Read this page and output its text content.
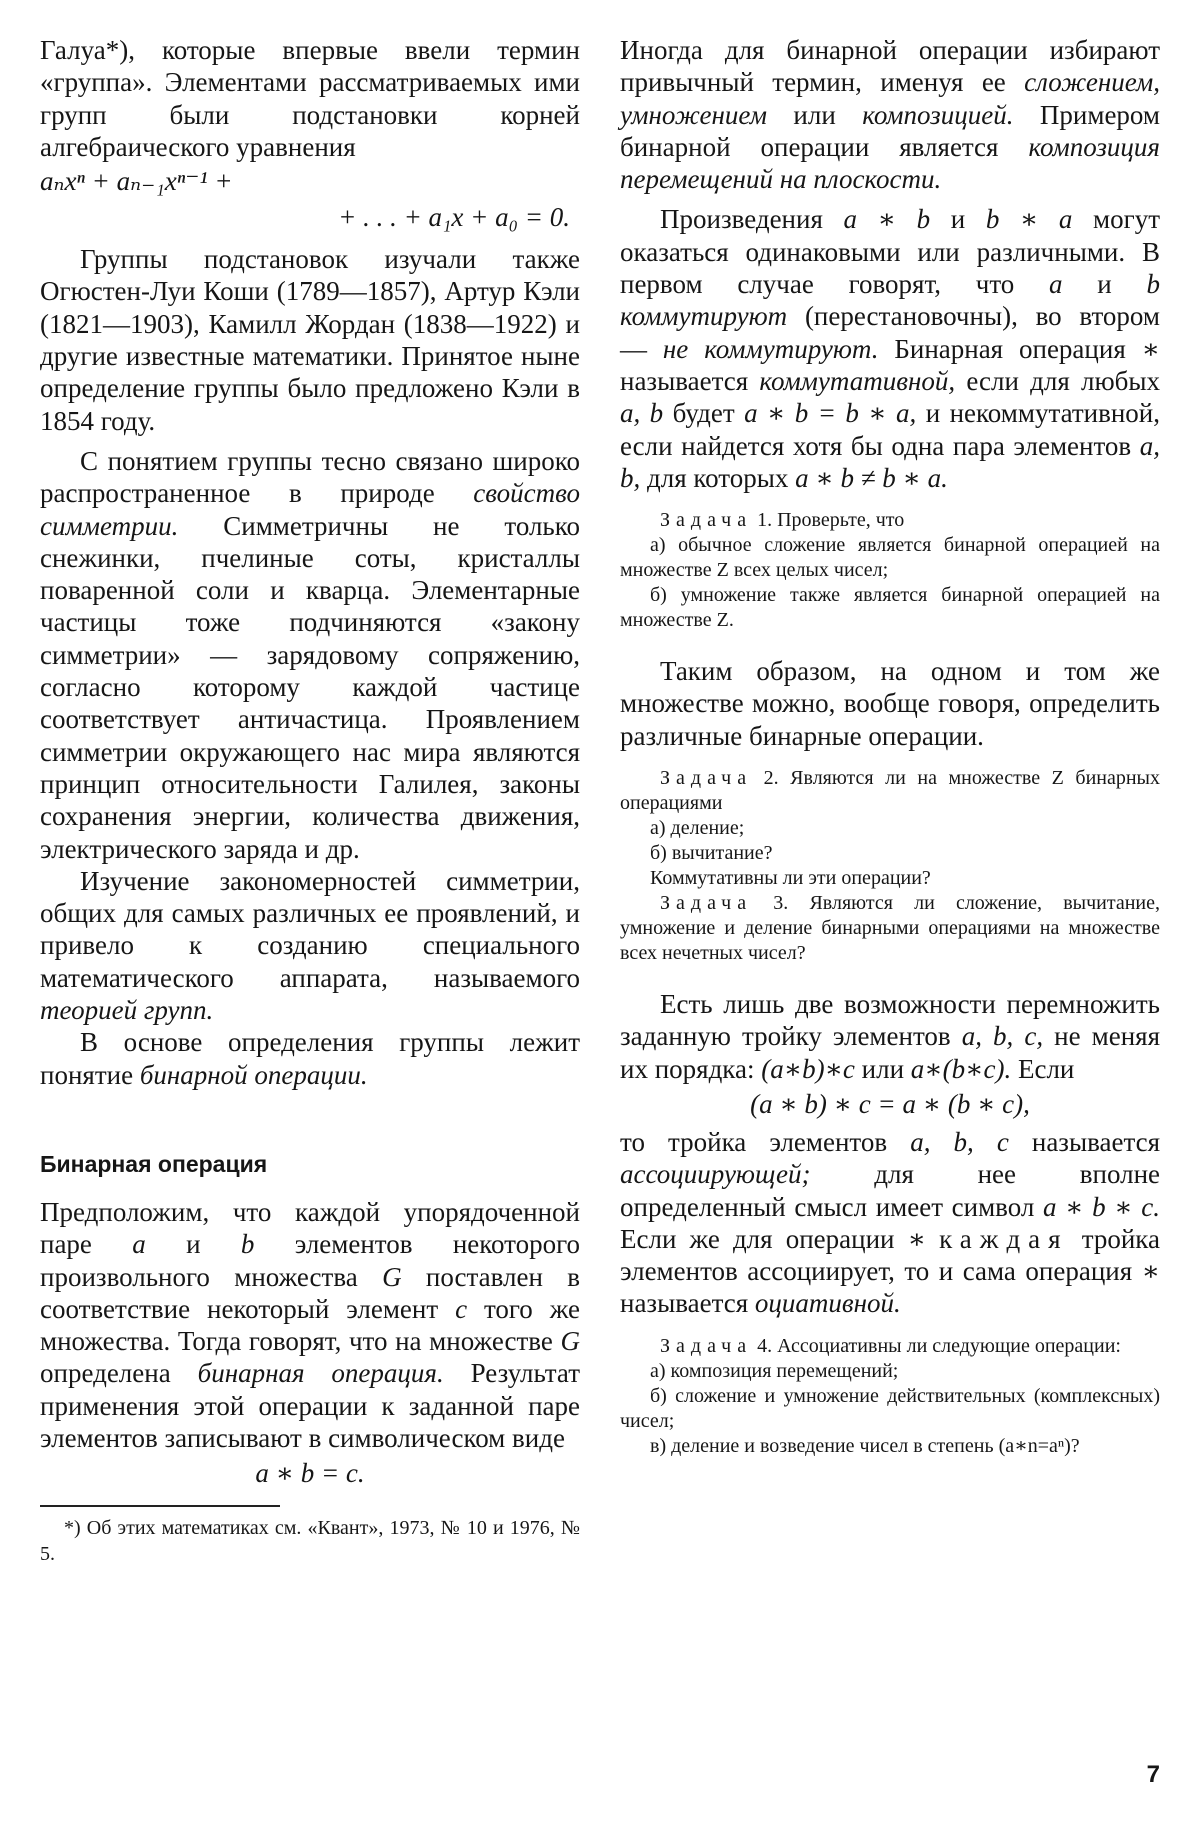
Галуа*), которые впервые ввели термин «группа». Элементами рассматриваемых ими групп были подстановки корней алгебраического уравнения

aₙxⁿ + aₙ₋₁xⁿ⁻¹ +
+ . . . + a₁x + a₀ = 0.

Группы подстановок изучали также Огюстен-Луи Коши (1789—1857), Артур Кэли (1821—1903), Камилл Жордан (1838—1922) и другие известные математики. Принятое ныне определение группы было предложено Кэли в 1854 году.

С понятием группы тесно связано широко распространенное в природе свойство симметрии. Симметричны не только снежинки, пчелиные соты, кристаллы поваренной соли и кварца. Элементарные частицы тоже подчиняются «закону симметрии» — зарядовому сопряжению, согласно которому каждой частице соответствует античастица. Проявлением симметрии окружающего нас мира являются принцип относительности Галилея, законы сохранения энергии, количества движения, электрического заряда и др.

Изучение закономерностей симметрии, общих для самых различных ее проявлений, и привело к созданию специального математического аппарата, называемого теорией групп.

В основе определения группы лежит понятие бинарной операции.

Бинарная операция

Предположим, что каждой упорядоченной паре a и b элементов некоторого произвольного множества G поставлен в соответствие некоторый элемент c того же множества. Тогда говорят, что на множестве G определена бинарная операция. Результат применения этой операции к заданной паре элементов записывают в символическом виде

a ∗ b = c.

*) Об этих математиках см. «Квант», 1973, № 10 и 1976, № 5.

Иногда для бинарной операции избирают привычный термин, именуя ее сложением, умножением или композицией. Примером бинарной операции является композиция перемещений на плоскости.

Произведения a ∗ b и b ∗ a могут оказаться одинаковыми или различными. В первом случае говорят, что a и b коммутируют (перестановочны), во втором — не коммутируют. Бинарная операция ∗ называется коммутативной, если для любых a, b будет a ∗ b = b ∗ a, и некоммутативной, если найдется хотя бы одна пара элементов a, b, для которых a ∗ b ≠ b ∗ a.

Задача 1. Проверьте, что

а) обычное сложение является бинарной операцией на множестве Z всех целых чисел;

б) умножение также является бинарной операцией на множестве Z.

Таким образом, на одном и том же множестве можно, вообще говоря, определить различные бинарные операции.

Задача 2. Являются ли на множестве Z бинарных операциями

а) деление;

б) вычитание?

Коммутативны ли эти операции?

Задача 3. Являются ли сложение, вычитание, умножение и деление бинарными операциями на множестве всех нечетных чисел?

Есть лишь две возможности перемножить заданную тройку элементов a, b, c, не меняя их порядка: (a∗b)∗c или a∗(b∗c). Если

(a ∗ b) ∗ c = a ∗ (b ∗ c),

то тройка элементов a, b, c называется ассоциирующей; для нее вполне определенный смысл имеет символ a ∗ b ∗ c. Если же для операции ∗ каждая тройка элементов ассоциирует, то и сама операция ∗ называется оциативной.

Задача 4. Ассоциативны ли следующие операции:

а) композиция перемещений;

б) сложение и умножение действительных (комплексных) чисел;

в) деление и возведение чисел в степень (a∗n=aⁿ)?

7
